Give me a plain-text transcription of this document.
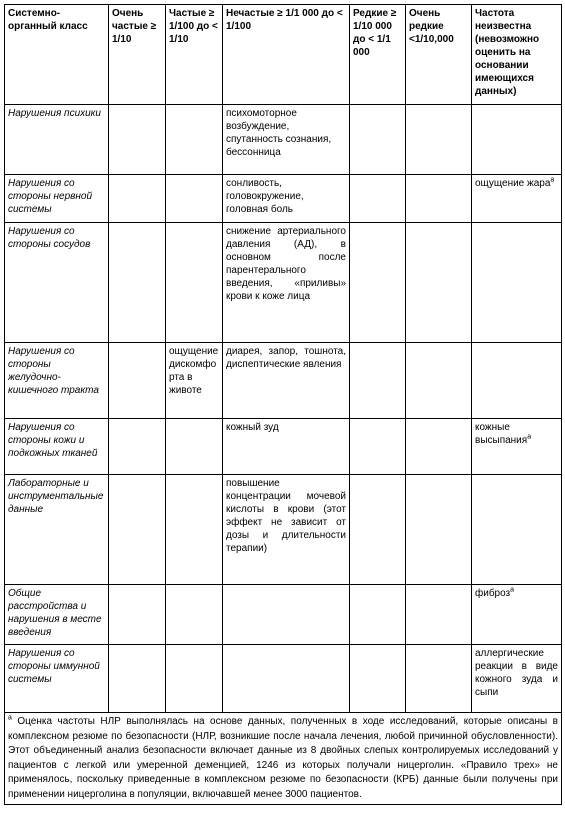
Системно-органный класс	Очень частые ≥ 1/10	Частые ≥ 1/100 до < 1/10	Нечастые ≥ 1/1 000 до < 1/100	Редкие ≥ 1/10 000 до < 1/1 000	Очень редкие <1/10,000	Частота неизвестна (невозможно оценить на основании имеющихся данных)
Нарушения психики			психомоторное возбуждение, спутанность сознания, бессонница			
Нарушения со стороны нервной системы			сонливость, головокружение, головная боль			ощущение жара$^a$
Нарушения со стороны сосудов			снижение артериального давления (АД), в основном после парентерального введения, «приливы» крови к коже лица			
Нарушения со стороны желудочно-кишечного тракта		ощущение дискомфорта в животе	диарея, запор, тошнота, диспептические явления			
Нарушения со стороны кожи и подкожных тканей			кожный зуд			кожные высыпания$^a$
Лабораторные и инструментальные данные			повышение концентрации мочевой кислоты в крови (этот эффект не зависит от дозы и длительности терапии)			
Общие расстройства и нарушения в месте введения						фиброз$^a$
Нарушения со стороны иммунной системы						аллергические реакции в виде кожного зуда и сыпи
$^a$ Оценка частоты НЛР выполнялась на основе данных, полученных в ходе исследований, которые описаны в комплексном резюме по безопасности (НЛР, возникшие после начала лечения, любой причинной обусловленности). Этот объединенный анализ безопасности включает данные из 8 двойных слепых контролируемых исследований у пациентов с легкой или умеренной деменцией, 1246 из которых получали ницерголин. «Правило трех» не применялось, поскольку приведенные в комплексном резюме по безопасности (КРБ) данные были получены при применении ницерголина в популяции, включавшей менее 3000 пациентов.						
